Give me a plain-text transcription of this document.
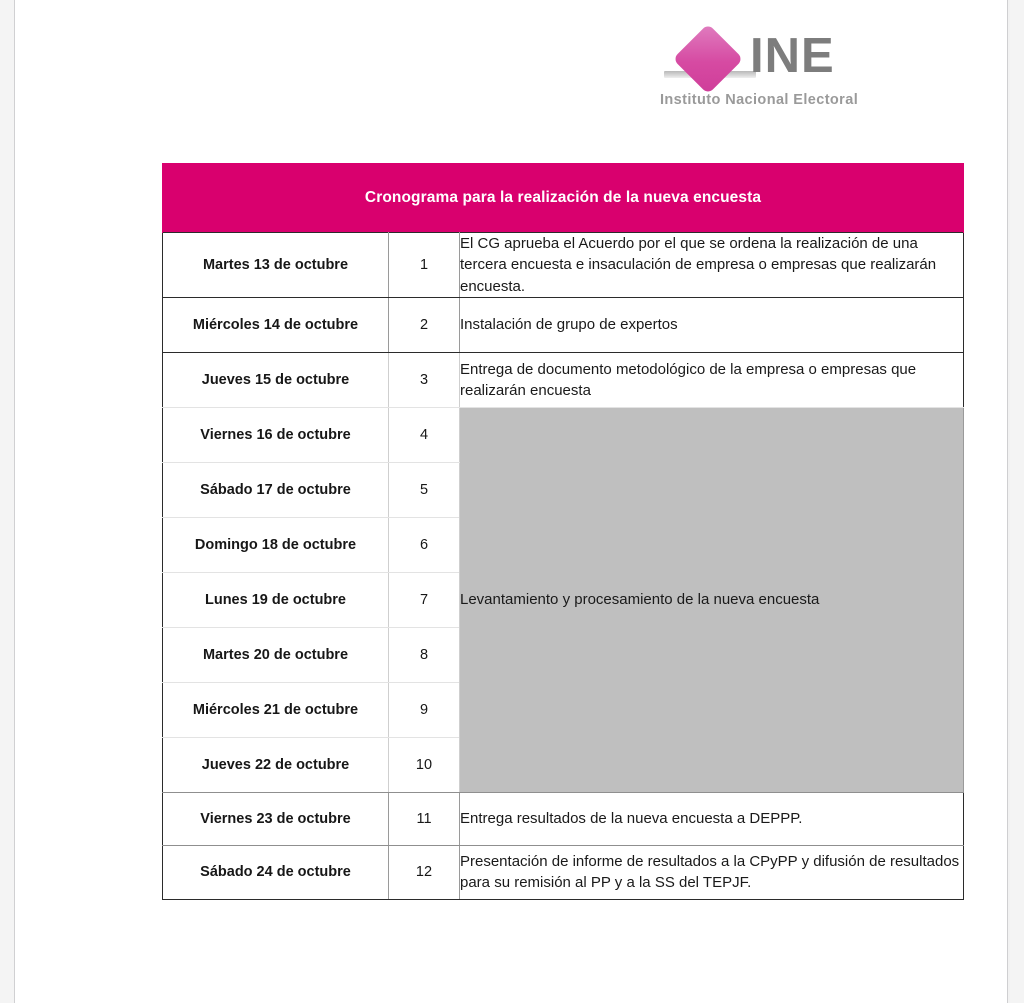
INE
Instituto Nacional Electoral
Cronograma para la realización de la nueva encuesta		
Martes 13 de octubre	1	El CG aprueba el Acuerdo por el que se ordena la realización de una tercera encuesta e insaculación de empresa o empresas que realizarán encuesta.
Miércoles 14 de octubre	2	Instalación de grupo de expertos
Jueves 15 de octubre	3	Entrega de documento metodológico de la empresa o empresas que realizarán encuesta
Viernes 16 de octubre	4	Levantamiento y procesamiento de la nueva encuesta
Sábado 17 de octubre	5	
Domingo 18 de octubre	6	
Lunes 19 de octubre	7	
Martes 20 de octubre	8	
Miércoles 21 de octubre	9	
Jueves 22 de octubre	10	
Viernes 23 de octubre	11	Entrega resultados de la nueva encuesta a DEPPP.
Sábado 24 de octubre	12	Presentación de informe de resultados a la CPyPP y difusión de resultados para su remisión al PP y a la SS del TEPJF.
